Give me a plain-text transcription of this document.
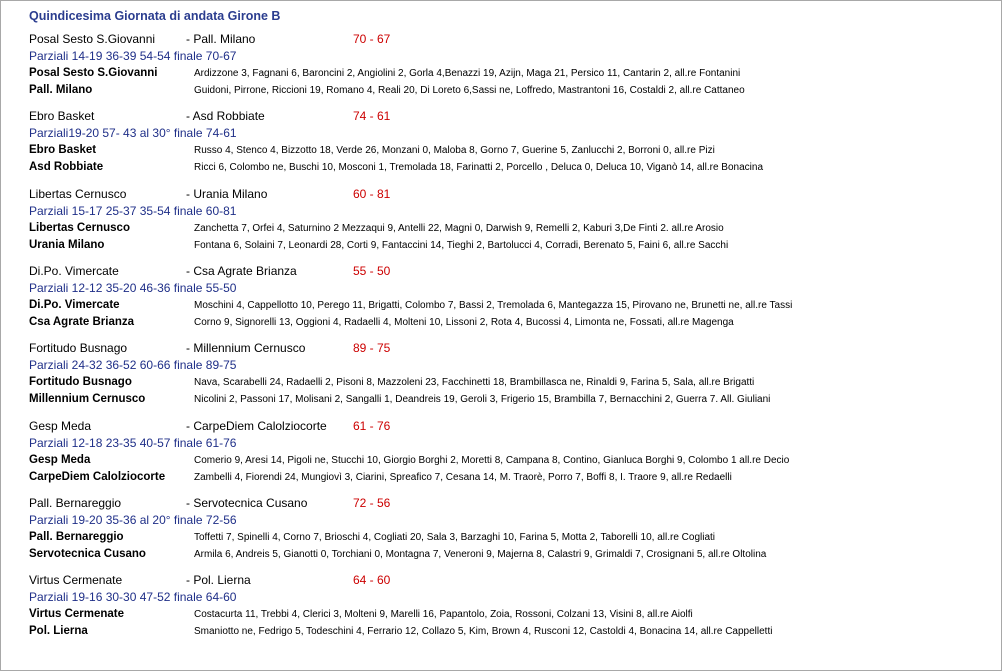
Quindicesima Giornata di andata Girone B
Posal Sesto S.Giovanni	- Pall. Milano	70 - 67
Parziali 14-19 36-39 54-54 finale 70-67
Posal Sesto S.Giovanni	Ardizzone 3, Fagnani 6, Baroncini 2, Angiolini 2, Gorla 4,Benazzi 19, Azijn, Maga 21, Persico 11, Cantarin 2, all.re Fontanini
Pall. Milano	Guidoni, Pirrone, Riccioni 19, Romano 4, Reali 20, Di Loreto 6,Sassi ne, Loffredo, Mastrantoni 16, Costaldi 2, all.re Cattaneo
Ebro Basket	- Asd Robbiate	74 - 61
Parziali19-20 57- 43 al 30° finale 74-61
Ebro Basket	Russo 4, Stenco 4, Bizzotto 18, Verde 26, Monzani 0, Maloba 8, Gorno 7, Guerine 5, Zanlucchi 2, Borroni 0, all.re Pizi
Asd Robbiate	Ricci 6, Colombo ne, Buschi 10, Mosconi 1, Tremolada 18, Farinatti 2, Porcello , Deluca 0, Deluca 10, Viganò 14, all.re Bonacina
Libertas Cernusco	- Urania Milano	60 - 81
Parziali 15-17 25-37 35-54 finale 60-81
Libertas Cernusco	Zanchetta 7, Orfei 4, Saturnino 2 Mezzaqui 9, Antelli 22, Magni 0, Darwish 9, Remelli 2, Kaburi 3,De Finti 2. all.re Arosio
Urania Milano	Fontana 6, Solaini 7, Leonardi 28, Corti 9, Fantaccini 14, Tieghi 2, Bartolucci 4, Corradi, Berenato 5, Faini 6, all.re Sacchi
Di.Po. Vimercate	- Csa Agrate Brianza	55 - 50
Parziali 12-12 35-20 46-36 finale 55-50
Di.Po. Vimercate	Moschini 4, Cappellotto 10, Perego 11, Brigatti, Colombo 7, Bassi 2, Tremolada 6, Mantegazza 15, Pirovano ne, Brunetti ne, all.re Tassi
Csa Agrate Brianza	Corno 9, Signorelli 13, Oggioni 4, Radaelli 4, Molteni 10, Lissoni 2, Rota 4, Bucossi 4, Limonta ne, Fossati, all.re Magenga
Fortitudo Busnago	- Millennium Cernusco	89 - 75
Parziali 24-32 36-52 60-66 finale 89-75
Fortitudo Busnago	Nava, Scarabelli 24, Radaelli 2, Pisoni 8, Mazzoleni 23, Facchinetti 18, Brambillasca ne, Rinaldi 9, Farina 5, Sala, all.re Brigatti
Millennium Cernusco	Nicolini 2, Passoni 17, Molisani 2, Sangalli 1, Deandreis 19, Geroli 3, Frigerio 15, Brambilla 7, Bernacchini 2, Guerra 7. All. Giuliani
Gesp Meda	- CarpeDiem Calolziocorte 61 - 76
Parziali 12-18 23-35 40-57 finale 61-76
Gesp Meda	Comerio 9, Aresi 14, Pigoli ne, Stucchi 10, Giorgio Borghi 2, Moretti 8, Campana 8, Contino, Gianluca Borghi 9, Colombo 1 all.re Decio
CarpeDiem Calolziocorte	Zambelli 4, Fiorendi 24, Mungiovì 3, Ciarini, Spreafico 7, Cesana 14, M. Traorè, Porro 7, Boffi 8, I. Traore 9, all.re Redaelli
Pall. Bernareggio	- Servotecnica Cusano	72 - 56
Parziali 19-20 35-36 al 20° finale 72-56
Pall. Bernareggio	Toffetti 7, Spinelli 4, Corno 7, Brioschi 4, Cogliati 20, Sala 3, Barzaghi 10, Farina 5, Motta 2, Taborelli 10, all.re Cogliati
Servotecnica Cusano	Armila 6, Andreis 5, Gianotti 0, Torchiani 0, Montagna 7, Veneroni 9, Majerna 8, Calastri 9, Grimaldi 7, Crosignani 5, all.re Oltolina
Virtus Cermenate	- Pol. Lierna	64 - 60
Parziali 19-16 30-30 47-52 finale 64-60
Virtus Cermenate	Costacurta 11, Trebbi 4, Clerici 3, Molteni 9, Marelli 16, Papantolo, Zoia, Rossoni, Colzani 13, Visini 8, all.re Aiolfi
Pol. Lierna	Smaniotto ne, Fedrigo 5, Todeschini 4, Ferrario 12, Collazo 5, Kim, Brown 4, Rusconi 12, Castoldi 4, Bonacina 14, all.re Cappelletti
